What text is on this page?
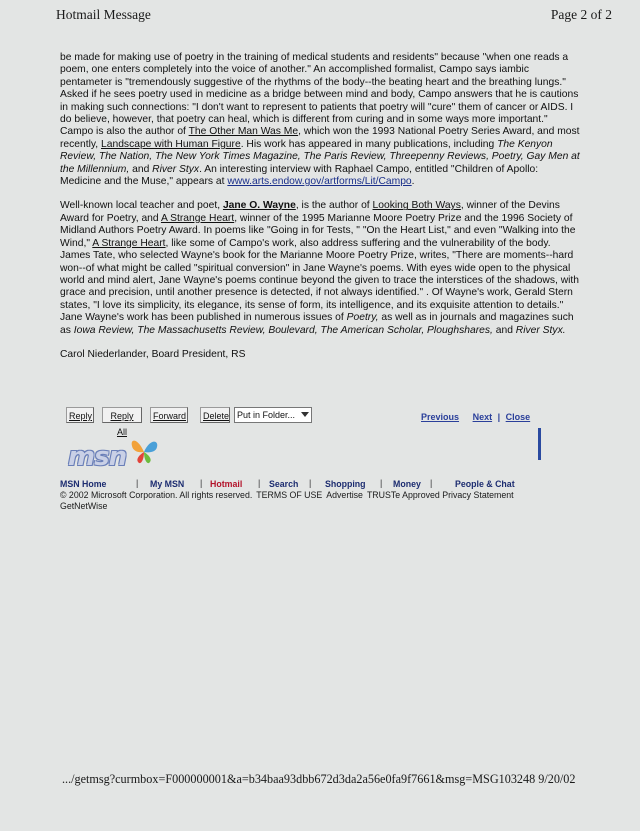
Hotmail Message	Page 2 of 2

be made for making use of poetry in the training of medical students and residents" because "when one reads a poem, one enters completely into the voice of another." An accomplished formalist, Campo says iambic pentameter is "tremendously suggestive of the rhythms of the body--the beating heart and the breathing lungs." Asked if he sees poetry used in medicine as a bridge between mind and body, Campo answers that he is cautions in making such connections: "I don't want to represent to patients that poetry will "cure" them of cancer or AIDS. I do believe, however, that poetry can heal, which is different from curing and in some ways more important." Campo is also the author of The Other Man Was Me, which won the 1993 National Poetry Series Award, and most recently, Landscape with Human Figure. His work has appeared in many publications, including The Kenyon Review, The Nation, The New York Times Magazine, The Paris Review, Threepenny Reviews, Poetry, Gay Men at the Millennium, and River Styx. An interesting interview with Raphael Campo, entitled "Children of Apollo: Medicine and the Muse," appears at www.arts.endow.gov/artforms/Lit/Campo.

Well-known local teacher and poet, Jane O. Wayne, is the author of Looking Both Ways, winner of the Devins Award for Poetry, and A Strange Heart, winner of the 1995 Marianne Moore Poetry Prize and the 1996 Society of Midland Authors Poetry Award. In poems like "Going in for Tests, " "On the Heart List," and even "Walking into the Wind," A Strange Heart, like some of Campo's work, also address suffering and the vulnerability of the body. James Tate, who selected Wayne's book for the Marianne Moore Poetry Prize, writes, "There are moments--hard won--of what might be called "spiritual conversion" in Jane Wayne's poems. With eyes wide open to the physical world and mind alert, Jane Wayne's poems continue beyond the given to trace the interstices of the shadows, with grace and precision, until another presence is detected, if not always identified." . Of Wayne's work, Gerald Stern states, "I love its simplicity, its elegance, its sense of form, its intelligence, and its exquisite attention to details." Jane Wayne's work has been published in numerous issues of Poetry, as well as in journals and magazines such as Iowa Review, The Massachusetts Review, Boulevard, The American Scholar, Ploughshares, and River Styx.

Carol Niederlander, Board President, RS

Reply	Reply All
Forward	Delete Put in Folder...	Previous Next | Close
msn
MSN Home	| My MSN | Hotmail | Search | Shopping | Money |	People & Chat
© 2002 Microsoft Corporation. All rights reserved. TERMS OF USE Advertise TRUSTe Approved Privacy Statement
GetNetWise
.../getmsg?curmbox=F000000001&a=b34baa93dbb672d3da2a56e0fa9f7661&msg=MSG103248 9/20/02
